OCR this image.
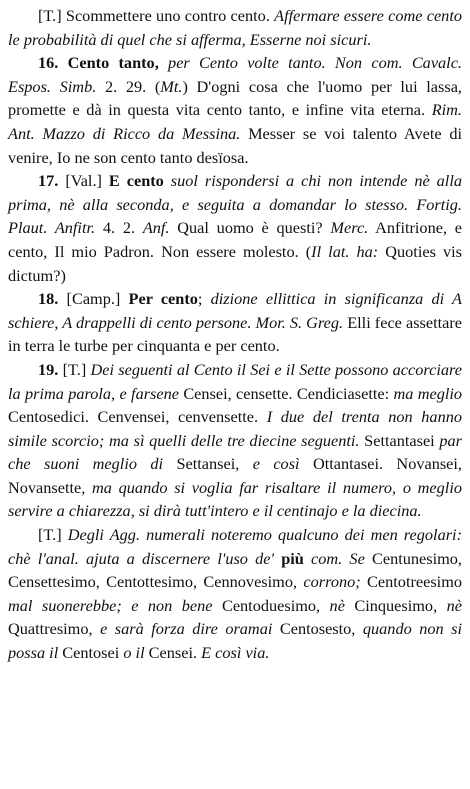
[T.] Scommettere uno contro cento. Affermare essere come cento le probabilità di quel che si afferma, Esserne noi sicuri.

16. Cento tanto, per Cento volte tanto. Non com. Cavalc. Espos. Simb. 2. 29. (Mt.) D'ogni cosa che l'uomo per lui lassa, promette e dà in questa vita cento tanto, e infine vita eterna. Rim. Ant. Mazzo di Ricco da Messina. Messer se voi talento Avete di venire, Io ne son cento tanto desïosa.

17. [Val.] E cento suol rispondersi a chi non intende nè alla prima, nè alla seconda, e seguita a domandar lo stesso. Fortig. Plaut. Anfitr. 4. 2. Anf. Qual uomo è questi? Merc. Anfitrione, e cento, Il mio Padron. Non essere molesto. (Il lat. ha: Quoties vis dictum?)

18. [Camp.] Per cento; dizione ellittica in significanza di A schiere, A drappelli di cento persone. Mor. S. Greg. Elli fece assettare in terra le turbe per cinquanta e per cento.

19. [T.] Dei seguenti al Cento il Sei e il Sette possono accorciare la prima parola, e farsene Censei, censette. Cendiciasette: ma meglio Centosedici. Cenvensei, cenvensette. I due del trenta non hanno simile scorcio; ma sì quelli delle tre diecine seguenti. Settantasei par che suoni meglio di Settansei, e così Ottantasei. Novansei, Novansette, ma quando si voglia far risaltare il numero, o meglio servire a chiarezza, si dirà tutt'intero e il centinajo e la diecina.

[T.] Degli Agg. numerali noteremo qualcuno dei men regolari: chè l'anal. ajuta a discernere l'uso de' più com. Se Centunesimo, Censettesimo, Centottesimo, Cennovesimo, corrono; Centotreesimo mal suonerebbe; e non bene Centoduesimo, nè Cinquesimo, nè Quattresimo, e sarà forza dire oramai Centosesto, quando non si possa il Centosei o il Censei. E così via.
